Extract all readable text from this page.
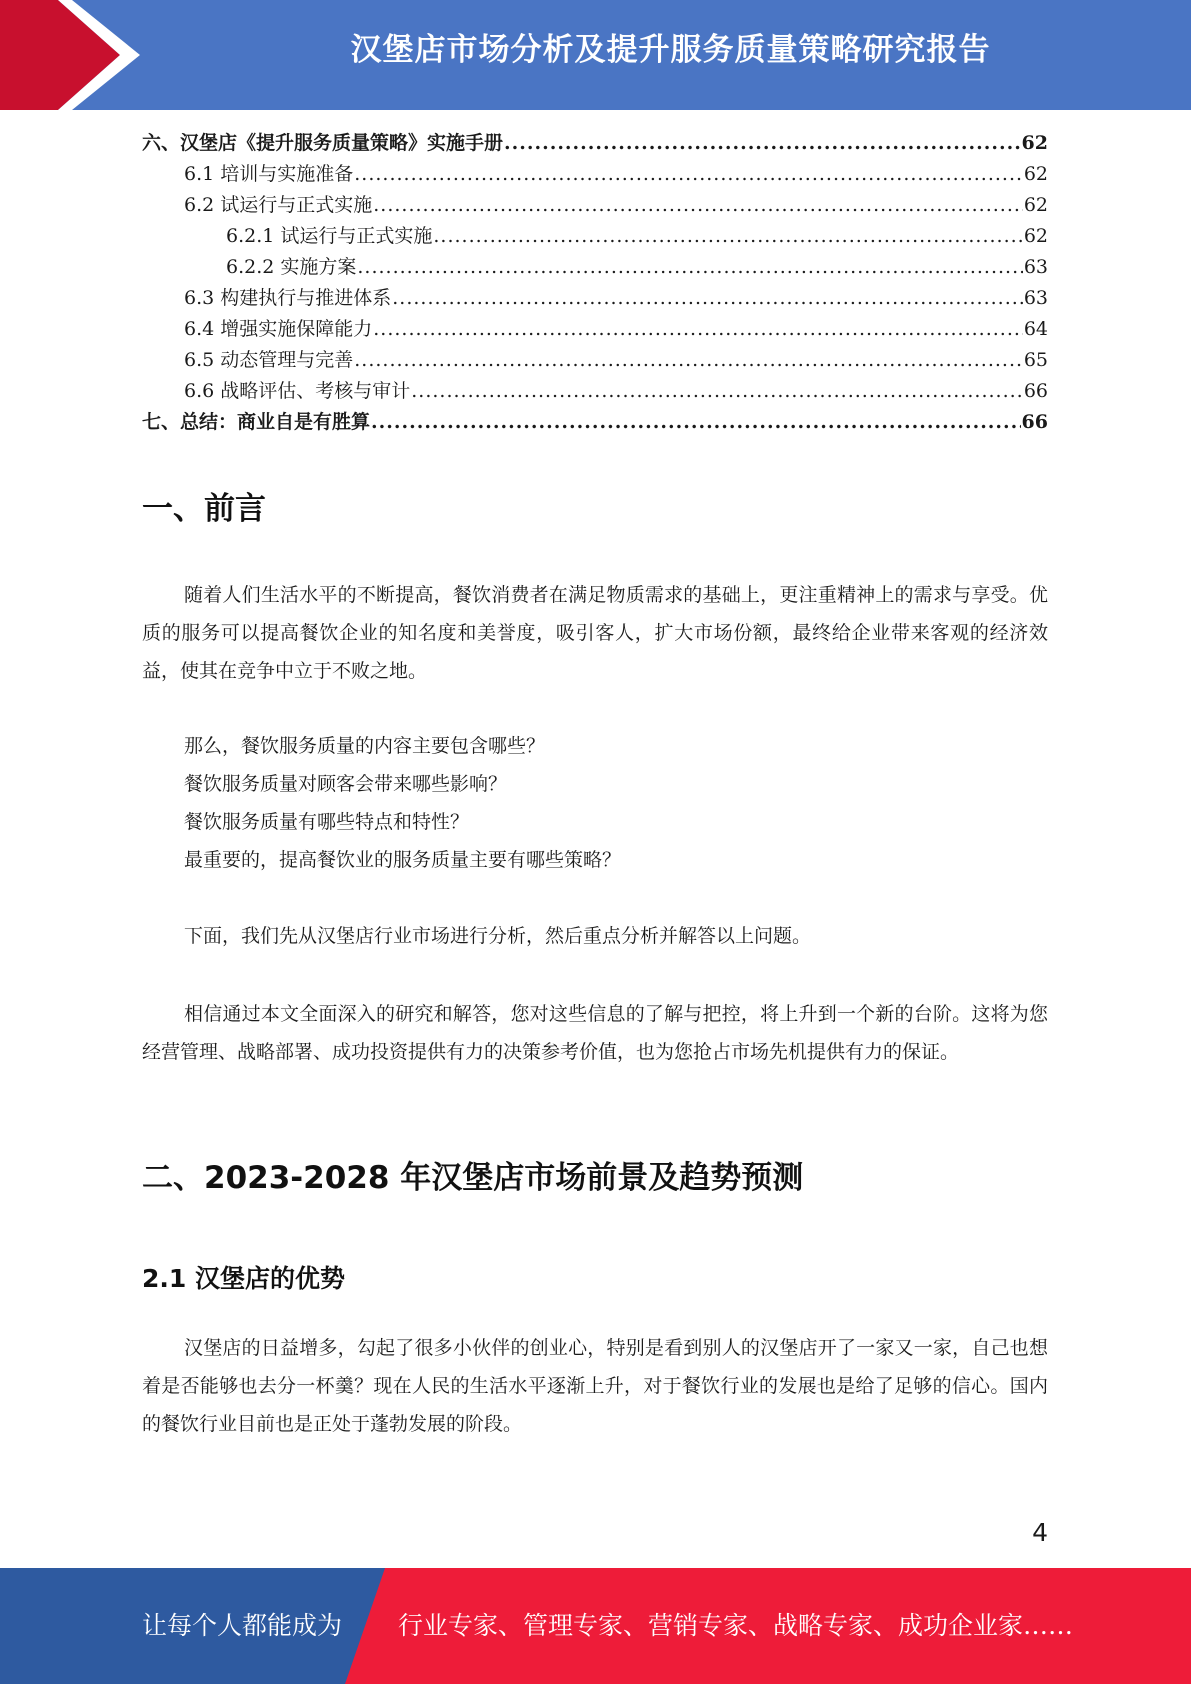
汉堡店市场分析及提升服务质量策略研究报告
六、汉堡店《提升服务质量策略》实施手册 .....	62
6.1 培训与实施准备 .....	62
6.2 试运行与正式实施 .....	62
6.2.1 试运行与正式实施 .....	62
6.2.2 实施方案 .....	63
6.3 构建执行与推进体系 .....	63
6.4 增强实施保障能力 .....	64
6.5 动态管理与完善 .....	65
6.6 战略评估、考核与审计 .....	66
七、总结：商业自是有胜算 .....	66
一、前言

随着人们生活水平的不断提高，餐饮消费者在满足物质需求的基础上，更注重精神上的需求与享受。优质的服务可以提高餐饮企业的知名度和美誉度，吸引客人，扩大市场份额，最终给企业带来客观的经济效益，使其在竞争中立于不败之地。

那么，餐饮服务质量的内容主要包含哪些？

餐饮服务质量对顾客会带来哪些影响？

餐饮服务质量有哪些特点和特性？

最重要的，提高餐饮业的服务质量主要有哪些策略？

下面，我们先从汉堡店行业市场进行分析，然后重点分析并解答以上问题。

相信通过本文全面深入的研究和解答，您对这些信息的了解与把控，将上升到一个新的台阶。这将为您经营管理、战略部署、成功投资提供有力的决策参考价值，也为您抢占市场先机提供有力的保证。

二、2023-2028 年汉堡店市场前景及趋势预测
2.1 汉堡店的优势

汉堡店的日益增多，勾起了很多小伙伴的创业心，特别是看到别人的汉堡店开了一家又一家，自己也想着是否能够也去分一杯羹？现在人民的生活水平逐渐上升，对于餐饮行业的发展也是给了足够的信心。国内的餐饮行业目前也是正处于蓬勃发展的阶段。

4
让每个人都能成为 行业专家、管理专家、营销专家、战略专家、成功企业家……
